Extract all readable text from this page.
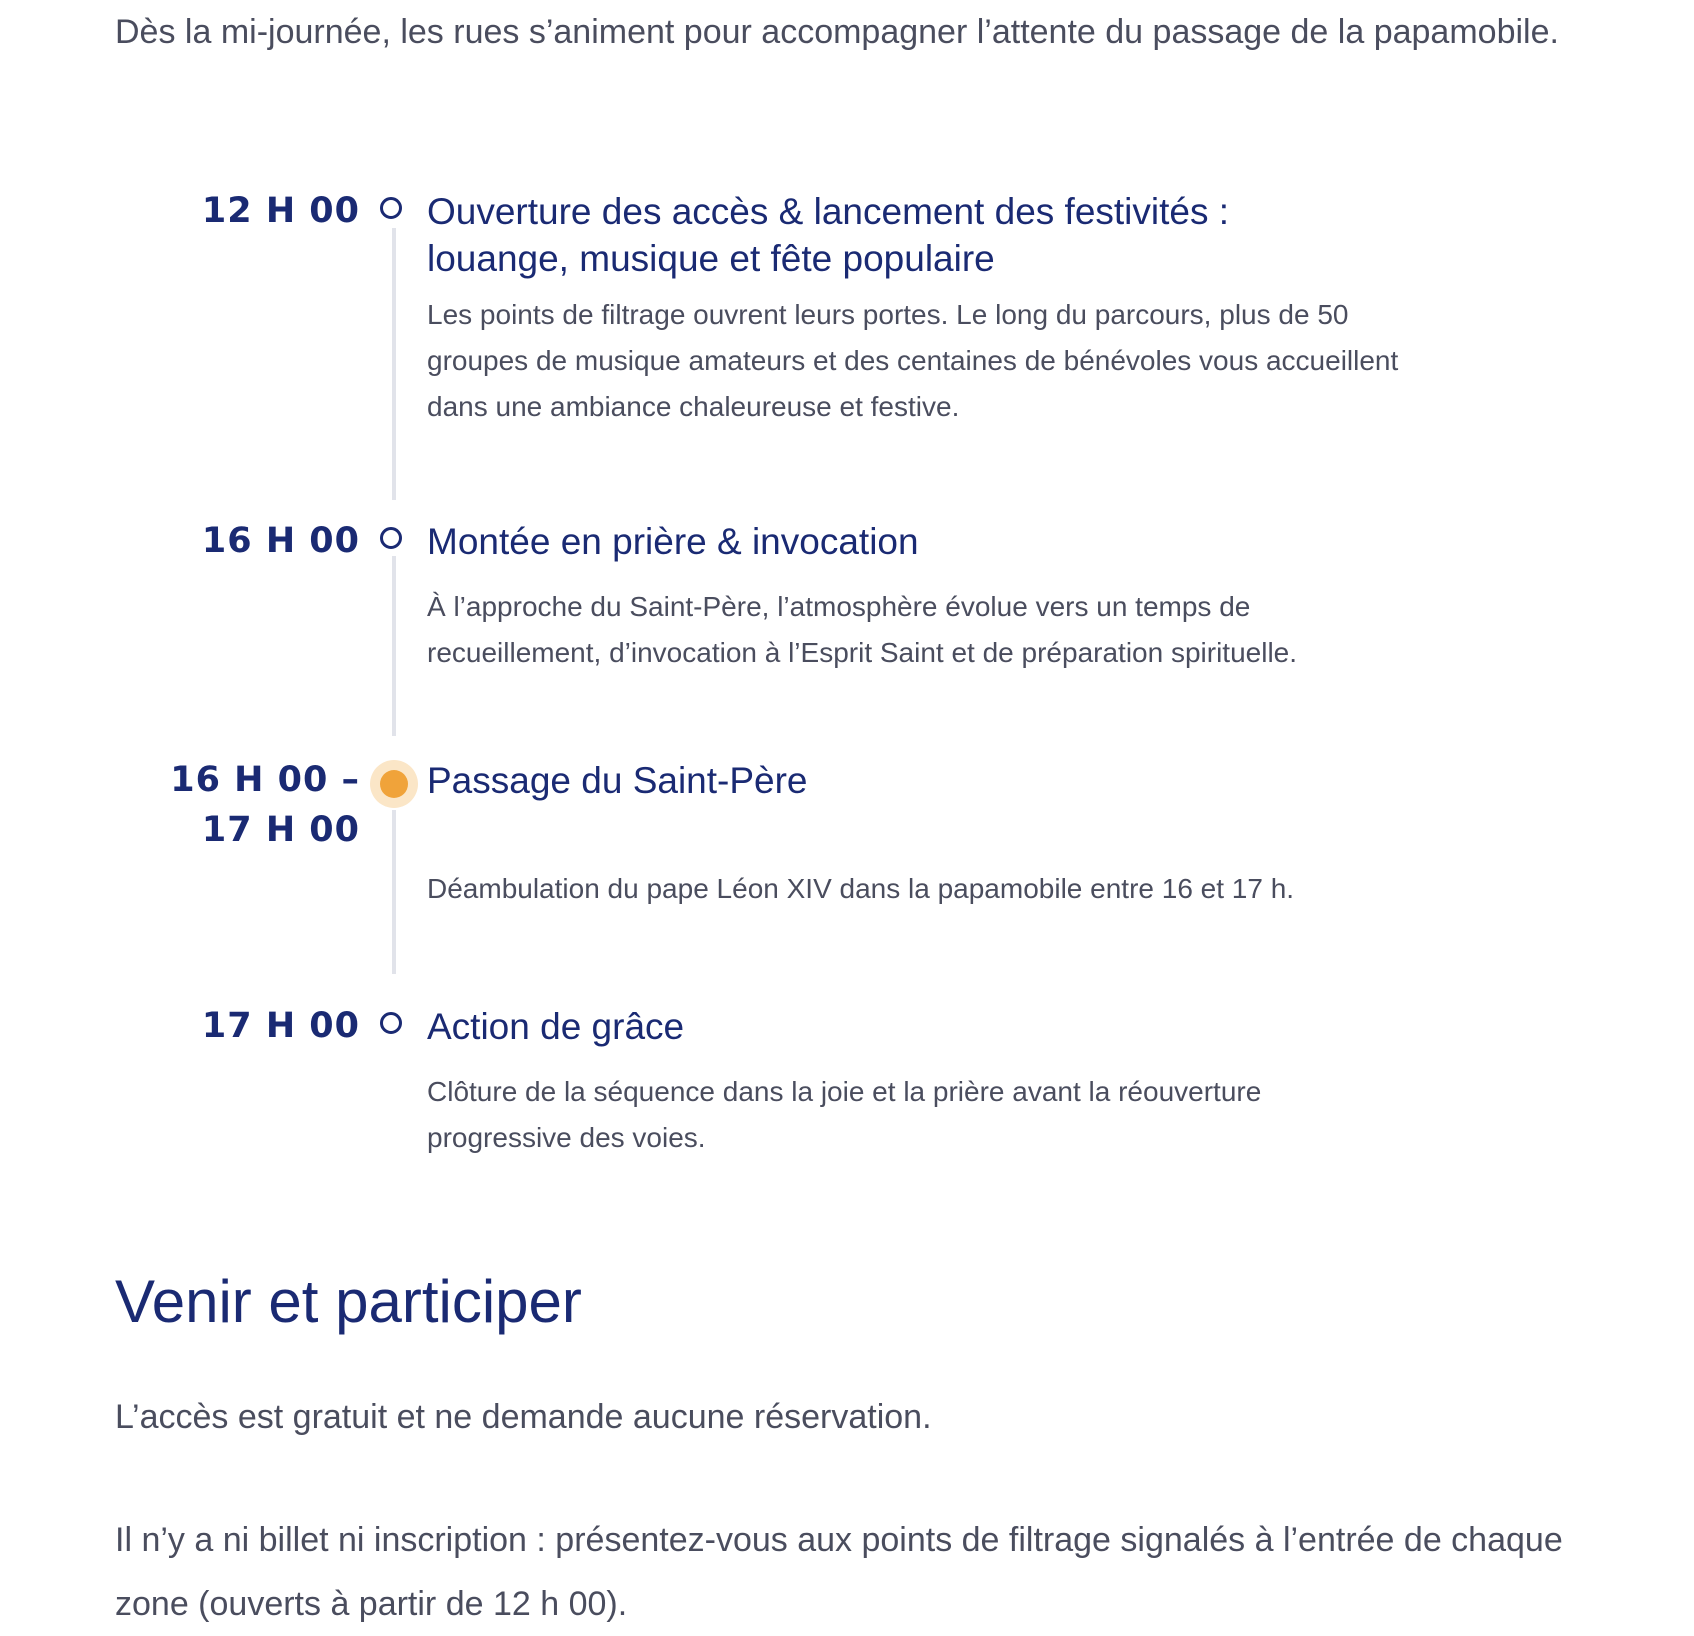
Dès la mi-journée, les rues s’animent pour accompagner l’attente du passage de la papamobile.

12 H 00 Ouverture des accès & lancement des festivités : louange, musique et fête populaire

Les points de filtrage ouvrent leurs portes. Le long du parcours, plus de 50 groupes de musique amateurs et des centaines de bénévoles vous accueillent dans une ambiance chaleureuse et festive.

16 H 00 Montée en prière & invocation

À l’approche du Saint-Père, l’atmosphère évolue vers un temps de recueillement, d’invocation à l’Esprit Saint et de préparation spirituelle.

16 H 00 –
17 H 00
Passage du Saint-Père

Déambulation du pape Léon XIV dans la papamobile entre 16 et 17 h.

17 H 00 Action de grâce

Clôture de la séquence dans la joie et la prière avant la réouverture progressive des voies.

Venir et participer

L’accès est gratuit et ne demande aucune réservation.

Il n’y a ni billet ni inscription : présentez-vous aux points de filtrage signalés à l’entrée de chaque zone (ouverts à partir de 12 h 00).
